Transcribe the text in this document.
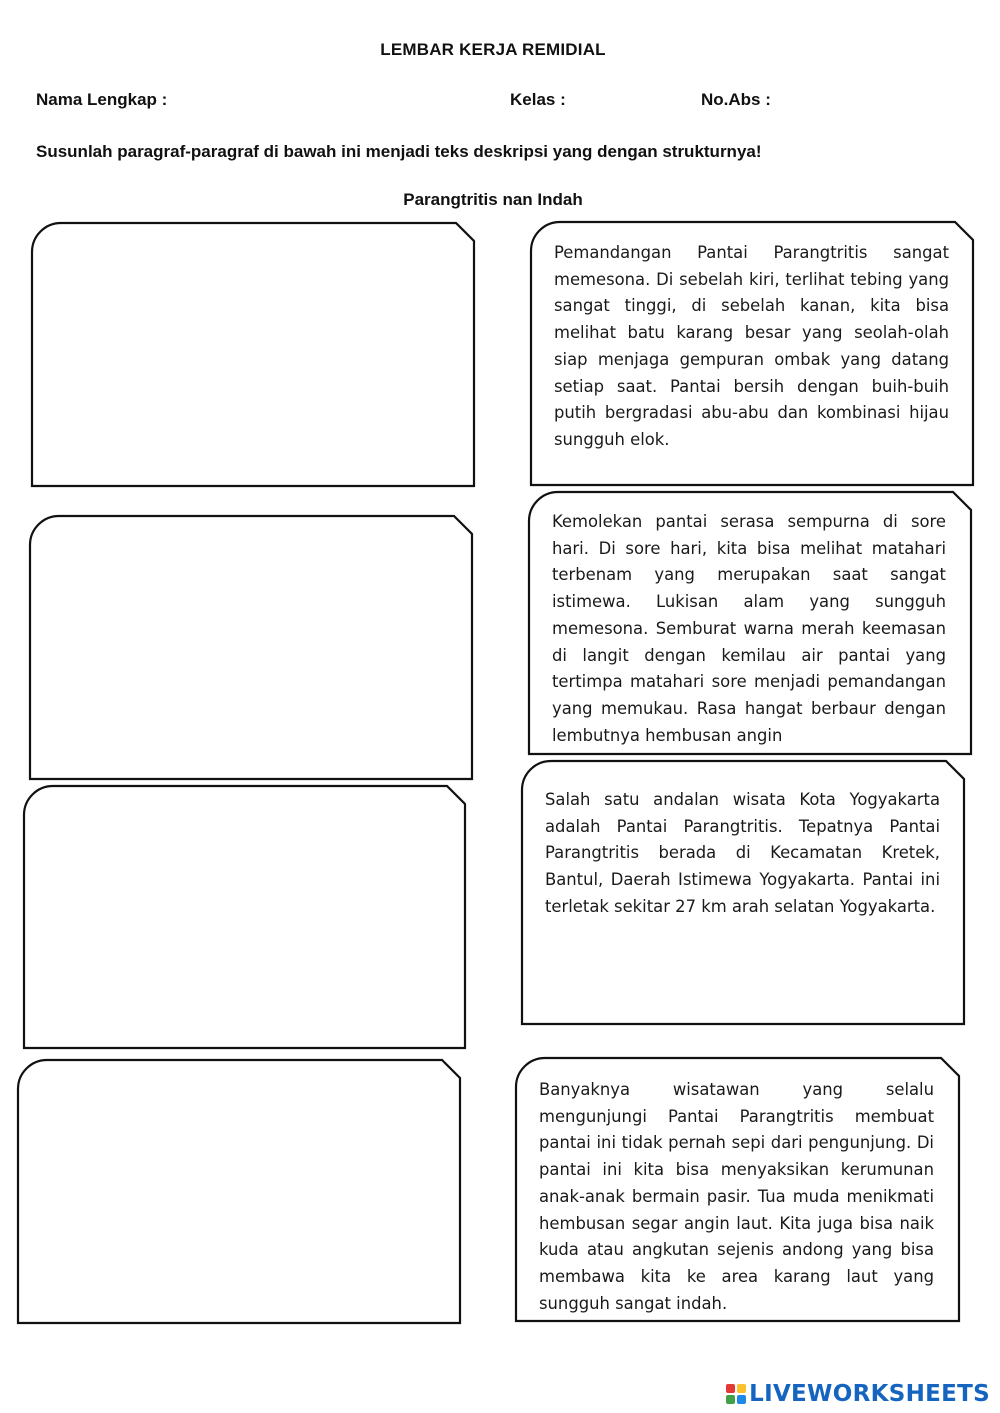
LEMBAR KERJA REMIDIAL
Nama Lengkap :	Kelas :	No.Abs :
Susunlah paragraf-paragraf di bawah ini menjadi teks deskripsi yang dengan strukturnya!
Parangtritis nan Indah

Pemandangan Pantai Parangtritis sangat memesona. Di sebelah kiri, terlihat tebing yang sangat tinggi, di sebelah kanan, kita bisa melihat batu karang besar yang seolah-olah siap menjaga gempuran ombak yang datang setiap saat. Pantai bersih dengan buih-buih putih bergradasi abu-abu dan kombinasi hijau sungguh elok.

Kemolekan pantai serasa sempurna di sore hari. Di sore hari, kita bisa melihat matahari terbenam yang merupakan saat sangat istimewa. Lukisan alam yang sungguh memesona. Semburat warna merah keemasan di langit dengan kemilau air pantai yang tertimpa matahari sore menjadi pemandangan yang memukau. Rasa hangat berbaur dengan lembutnya hembusan angin

Salah satu andalan wisata Kota Yogyakarta adalah Pantai Parangtritis. Tepatnya Pantai Parangtritis berada di Kecamatan Kretek, Bantul, Daerah Istimewa Yogyakarta. Pantai ini terletak sekitar 27 km arah selatan Yogyakarta.

Banyaknya wisatawan yang selalu mengunjungi Pantai Parangtritis membuat pantai ini tidak pernah sepi dari pengunjung. Di pantai ini kita bisa menyaksikan kerumunan anak-anak bermain pasir. Tua muda menikmati hembusan segar angin laut. Kita juga bisa naik kuda atau angkutan sejenis andong yang bisa membawa kita ke area karang laut yang sungguh sangat indah.

LIVEWORKSHEETS
